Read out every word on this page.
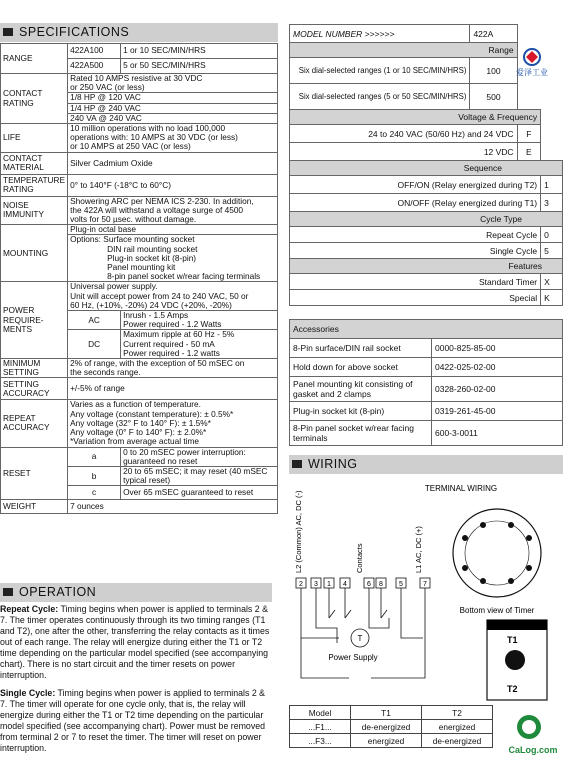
SPECIFICATIONS
RANGE	422A100	1 or 10 SEC/MIN/HRS
	422A500	5 or 50 SEC/MIN/HRS
CONTACT RATING	Rated 10 AMPS resistive at 30 VDC
or 250 VAC (or less)	

	1/8 HP @ 120 VAC	
	1/4 HP @ 240 VAC	
	240 VA @ 240 VAC	
LIFE	10 million operations with no load 100,000
operations with: 10 AMPS at 30 VDC (or less)
or 10 AMPS at 250 VAC (or less)	

CONTACT MATERIAL	Silver Cadmium Oxide	
TEMPERATURE RATING	0° to 140°F (-18°C to 60°C)	
NOISE IMMUNITY	Showering ARC per NEMA ICS 2-230. In addition,
the 422A will withstand a voltage surge of 4500
volts for 50 µsec. without damage.	

MOUNTING	Plug-in octal base	

	Options: Surface mounting socket
DIN rail mounting socket
Plug-in socket kit (8-pin)
Panel mounting kit
8-pin panel socket w/rear facing terminals	

POWER REQUIRE-MENTS	Universal power supply.
Unit will accept power from 24 to 240 VAC, 50 or
60 Hz, (+10%, -20%) 24 VDC (+20%, -20%)	

	AC	Inrush - 1.5 Amps
Power required - 1.2 Watts

	DC	Maximum ripple at 60 Hz - 5%
Current required - 50 mA
Power required - 1.2 watts

MINIMUM SETTING	2% of range, with the exception of 50 mSEC on
the seconds range.	

SETTING ACCURACY	+/-5% of range	
REPEAT ACCURACY	Varies as a function of temperature.
Any voltage (constant temperature): ± 0.5%*
Any voltage (32° F to 140° F): ± 1.5%*
Any voltage (0° F to 140° F): ± 2.0%*
*Variation from average actual time	

RESET	a	0 to 20 mSEC power interruption: guaranteed no reset
	b	20 to 65 mSEC; it may reset (40 mSEC typical reset)
	c	Over 65 mSEC guaranteed to reset
WEIGHT	7 ounces	
OPERATION
Repeat Cycle: Timing begins when power is applied to terminals 2 & 7. The timer operates continuously through its two timing ranges (T1 and T2), one after the other, transferring the relay contacts as it times out of each range. The relay will energize during either the T1 or T2 time depending on the particular model specified (see accompanying chart). There is no start circuit and the timer resets on power interruption.
Single Cycle: Timing begins when power is applied to terminals 2 & 7. The timer will operate for one cycle only, that is, the relay will energize during either the T1 or T2 time depending on the particular model specified (see accompanying chart). Power must be removed from terminal 2 or 7 to reset the timer. The timer will reset on power interruption.
MODEL NUMBER >>>>>>	422A		
Range			
Six dial-selected ranges (1 or 10 SEC/MIN/HRS)	100		
Six dial-selected ranges (5 or 50 SEC/MIN/HRS)	500		
Voltage & Frequency			
24 to 240 VAC (50/60 Hz) and 24 VDC		F	
12 VDC		E	
Sequence			
OFF/ON (Relay energized during T2)			1
ON/OFF (Relay energized during T1)			3
Cycle Type			
Repeat Cycle			0
Single Cycle			5
Features			
Standard Timer			X
Special			K
爱泽工业
Accessories	
8-Pin surface/DIN rail socket	0000-825-85-00
Hold down for above socket	0422-025-02-00
Panel mounting kit consisting of gasket and 2 clamps	0328-260-02-00
Plug-in socket kit (8-pin)	0319-261-45-00
8-Pin panel socket w/rear facing terminals	600-3-0011
WIRING
TERMINAL WIRING
L2 (Common) AC, DC (-)	Contacts	L1 AC, DC (+)
2 3 1 4	6 8 5	7
T
Power Supply
Bottom view of Timer
T1
T2
Model	T1	T2
...F1...	de-energized	energized
...F3...	energized	de-energized
CaLog.com
